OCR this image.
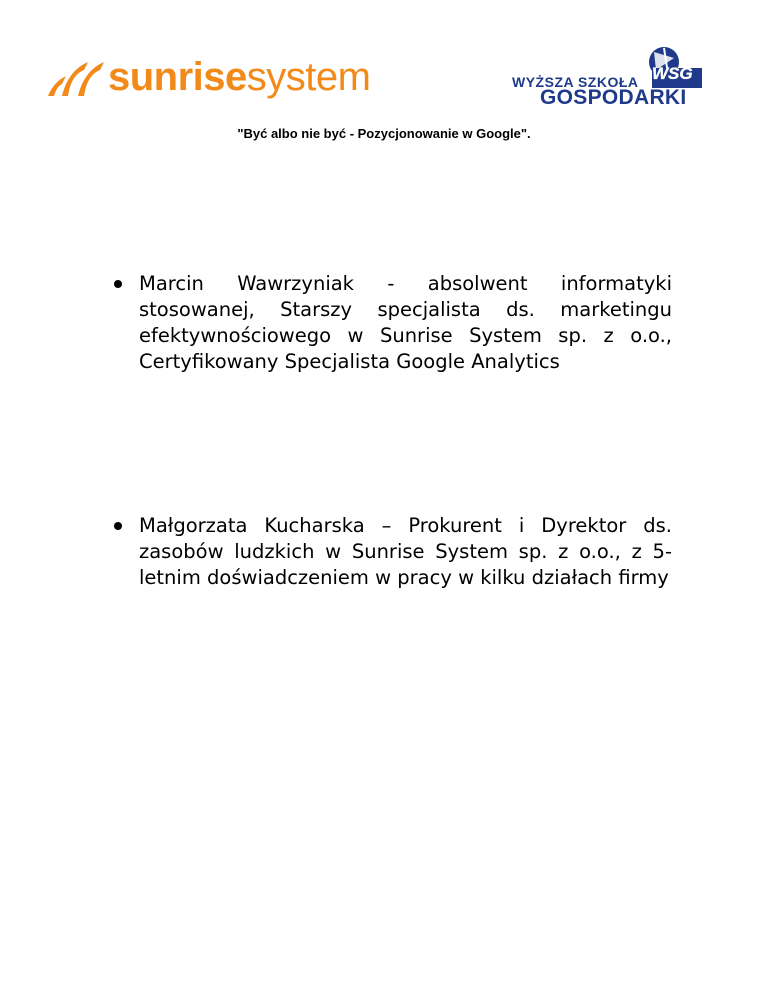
sunrisesystem	WSG
WYŻSZA SZKOŁA
GOSPODARKI
"Być albo nie być - Pozycjonowanie w Google".
Marcin Wawrzyniak - absolwent informatyki stosowanej, Starszy specjalista ds. marketingu efektywnościowego w Sunrise System sp. z o.o., Certyfikowany Specjalista Google Analytics
Małgorzata Kucharska – Prokurent i Dyrektor ds. zasobów ludzkich w Sunrise System sp. z o.o., z 5-letnim doświadczeniem w pracy w kilku działach firmy
